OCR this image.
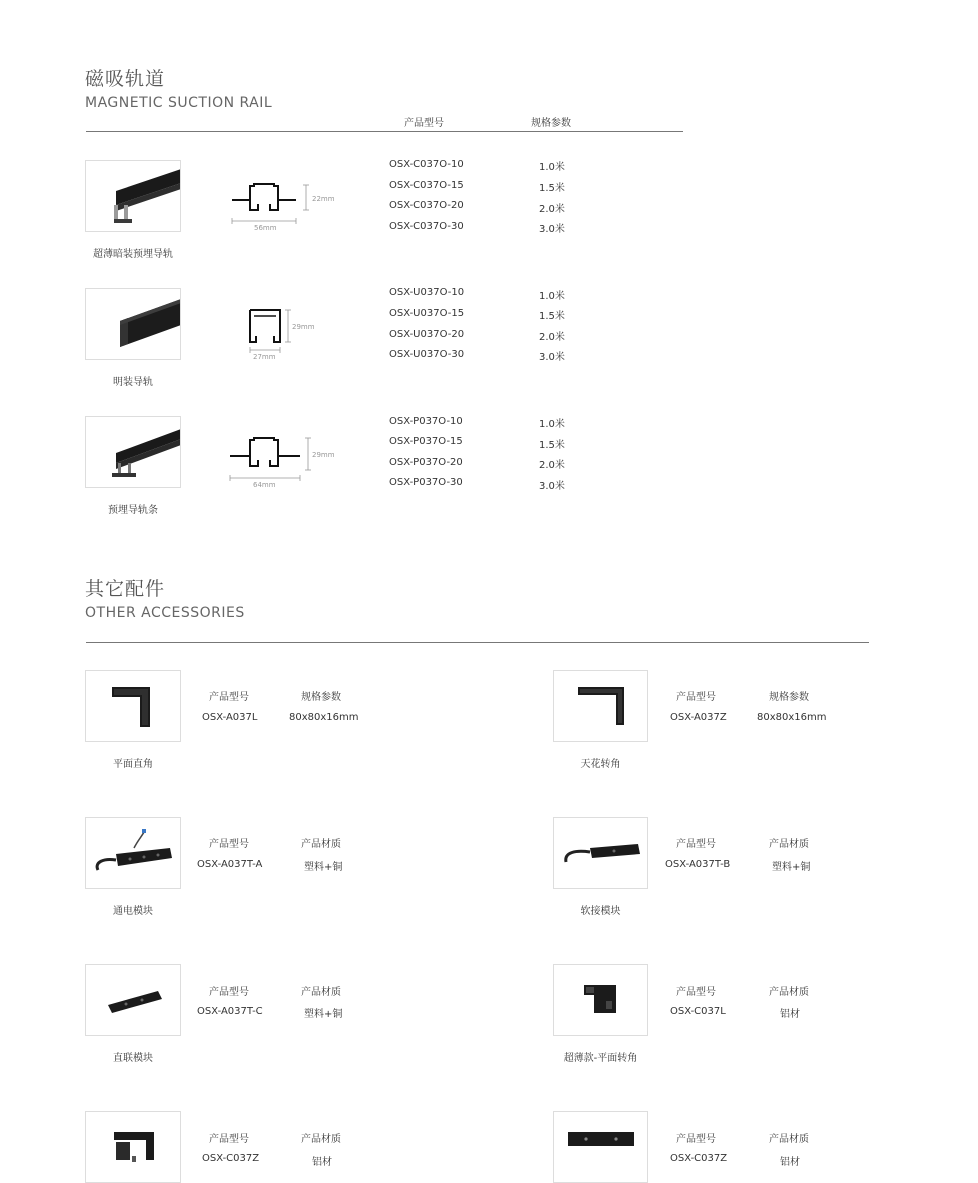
磁吸轨道
MAGNETIC SUCTION RAIL
产品型号	规格参数
22mm
56mm
超薄暗装预埋导轨
OSX-C037O-10	1.0米
OSX-C037O-15	1.5米
OSX-C037O-20	2.0米
OSX-C037O-30	3.0米
29mm
27mm
明装导轨
OSX-U037O-10	1.0米
OSX-U037O-15	1.5米
OSX-U037O-20	2.0米
OSX-U037O-30	3.0米
29mm
64mm
预埋导轨条
OSX-P037O-10	1.0米
OSX-P037O-15	1.5米
OSX-P037O-20	2.0米
OSX-P037O-30	3.0米
其它配件
OTHER ACCESSORIES
平面直角
产品型号	规格参数
OSX-A037L	80x80x16mm
天花转角
产品型号	规格参数
OSX-A037Z	80x80x16mm
通电模块
产品型号	产品材质
OSX-A037T-A	塑料+铜
软接模块
产品型号	产品材质
OSX-A037T-B	塑料+铜
直联模块
产品型号	产品材质
OSX-A037T-C	塑料+铜
超薄款-平面转角
产品型号	产品材质
OSX-C037L	铝材
产品型号	产品材质
OSX-C037Z	铝材
产品型号	产品材质
OSX-C037Z	铝材
